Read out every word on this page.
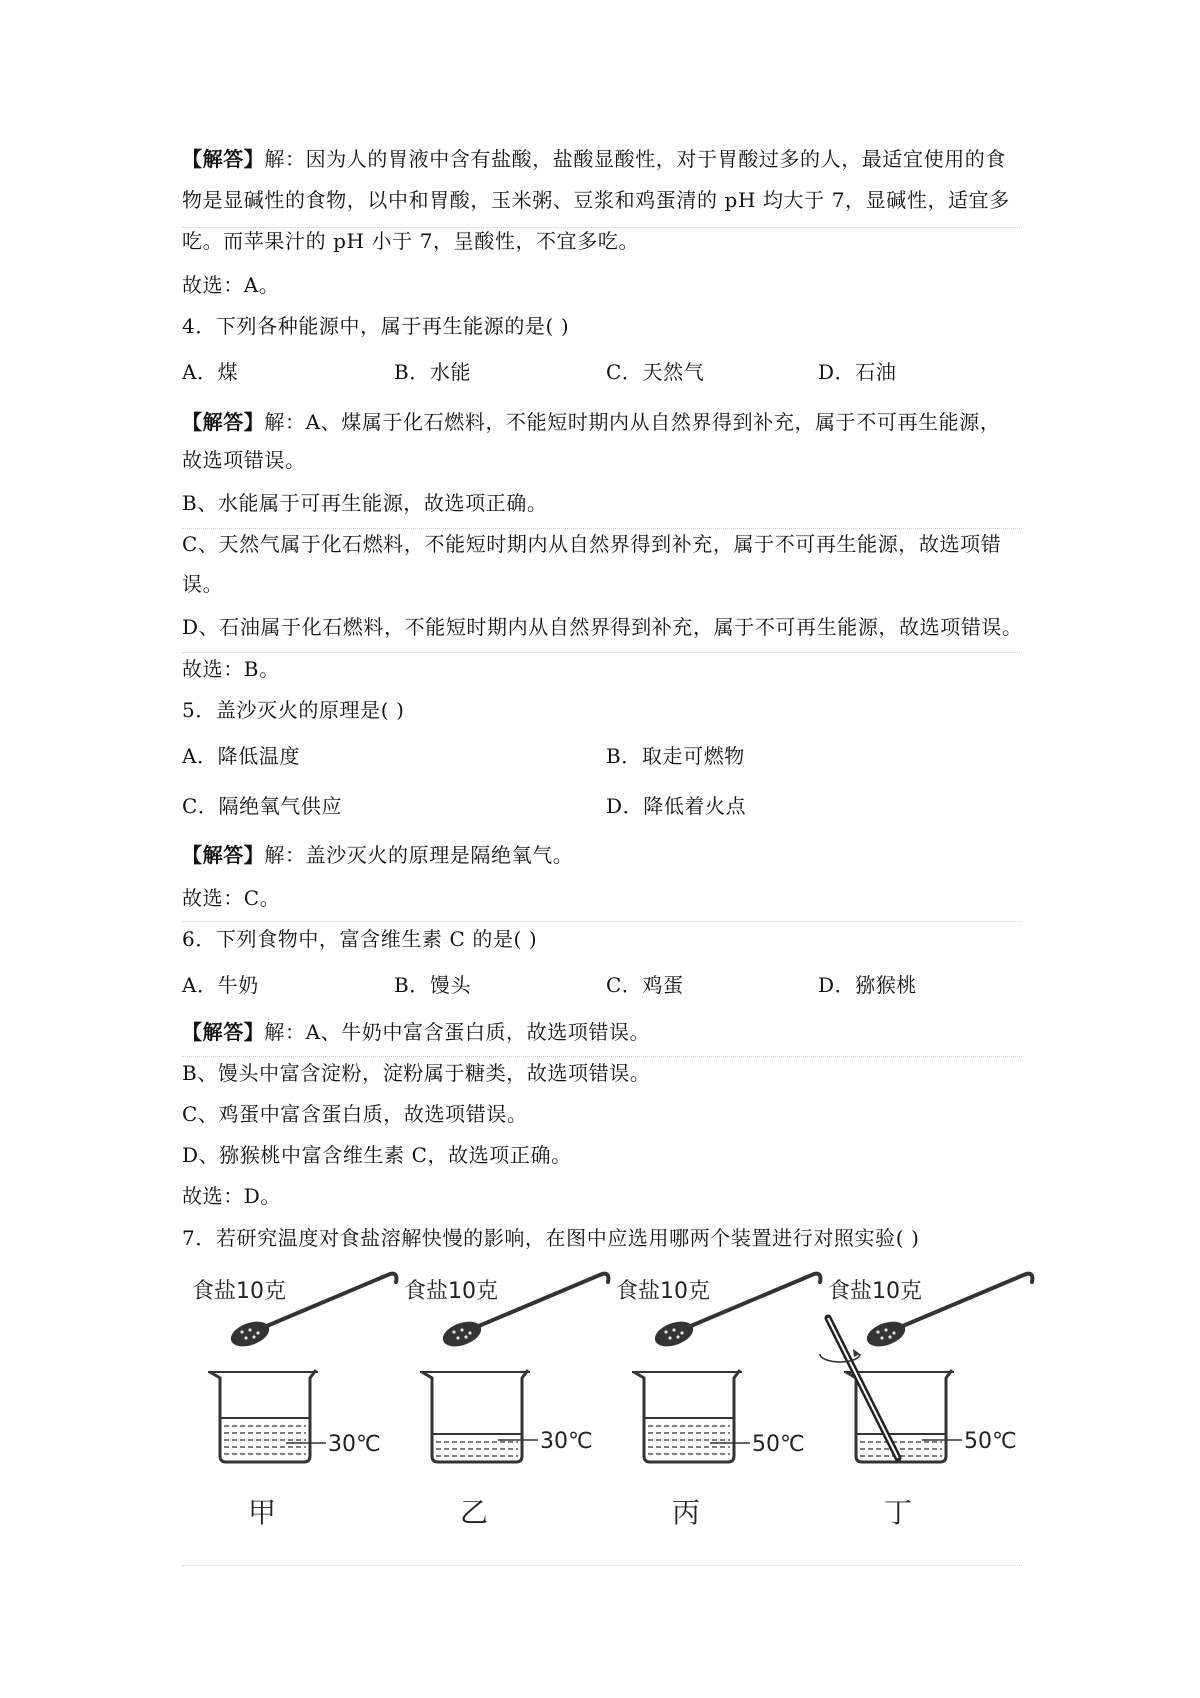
【解答】解：因为人的胃液中含有盐酸，盐酸显酸性，对于胃酸过多的人，最适宜使用的食
物是显碱性的食物，以中和胃酸，玉米粥、豆浆和鸡蛋清的 pH 均大于 7，显碱性，适宜多
吃。而苹果汁的 pH 小于 7，呈酸性，不宜多吃。
故选：A。
4．下列各种能源中，属于再生能源的是( )
A．煤	B．水能	C．天然气	D．石油
【解答】解：A、煤属于化石燃料，不能短时期内从自然界得到补充，属于不可再生能源，
故选项错误。
B、水能属于可再生能源，故选项正确。
C、天然气属于化石燃料，不能短时期内从自然界得到补充，属于不可再生能源，故选项错
误。
D、石油属于化石燃料，不能短时期内从自然界得到补充，属于不可再生能源，故选项错误。
故选：B。
5．盖沙灭火的原理是( )
A．降低温度	B．取走可燃物
C．隔绝氧气供应	D．降低着火点
【解答】解：盖沙灭火的原理是隔绝氧气。
故选：C。
6．下列食物中，富含维生素 C 的是( )
A．牛奶	B．馒头	C．鸡蛋	D．猕猴桃
【解答】解：A、牛奶中富含蛋白质，故选项错误。
B、馒头中富含淀粉，淀粉属于糖类，故选项错误。
C、鸡蛋中富含蛋白质，故选项错误。
D、猕猴桃中富含维生素 C，故选项正确。
故选：D。
7．若研究温度对食盐溶解快慢的影响，在图中应选用哪两个装置进行对照实验( )
食盐10克
30℃
甲
食盐10克
30℃
乙
食盐10克
50℃
丙
食盐10克
50℃
丁
